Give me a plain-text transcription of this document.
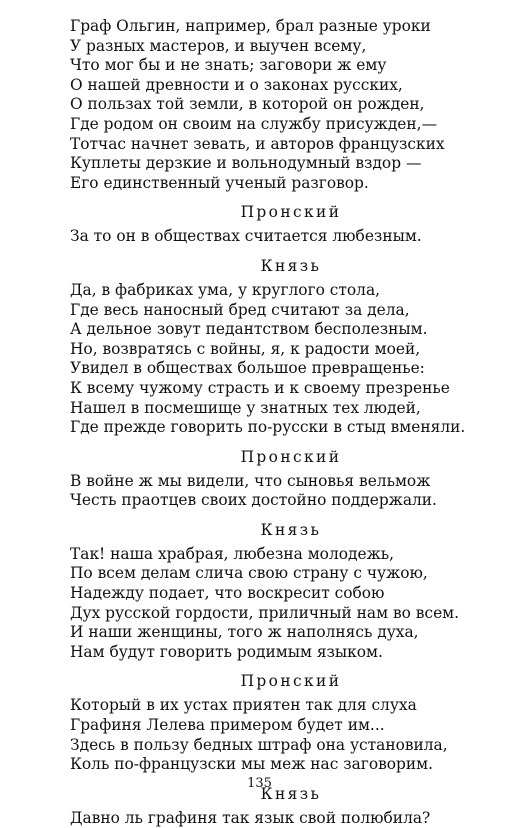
Граф Ольгин, например, брал разные уроки
У разных мастеров, и выучен всему,
Что мог бы и не знать; заговори ж ему
О нашей древности и о законах русских,
О пользах той земли, в которой он рожден,
Где родом он своим на службу присужден,—
Тотчас начнет зевать, и авторов французских
Куплеты дерзкие и вольнодумный вздор —
Его единственный ученый разговор.
Пронский
За то он в обществах считается любезным.
Князь
Да, в фабриках ума, у круглого стола,
Где весь наносный бред считают за дела,
А дельное зовут педантством бесполезным.
Но, возвратясь с войны, я, к радости моей,
Увидел в обществах большое превращенье:
К всему чужому страсть и к своему презренье
Нашел в посмешище у знатных тех людей,
Где прежде говорить по-русски в стыд вменяли.
Пронский
В войне ж мы видели, что сыновья вельмож
Честь праотцев своих достойно поддержали.
Князь
Так! наша храбрая, любезна молодежь,
По всем делам слича свою страну с чужою,
Надежду подает, что воскресит собою
Дух русской гордости, приличный нам во всем.
И наши женщины, того ж наполнясь духа,
Нам будут говорить родимым языком.
Пронский
Который в их устах приятен так для слуха
Графиня Лелева примером будет им...
Здесь в пользу бедных штраф она установила,
Коль по-французски мы меж нас заговорим.
Князь
Давно ль графиня так язык свой полюбила?
135
